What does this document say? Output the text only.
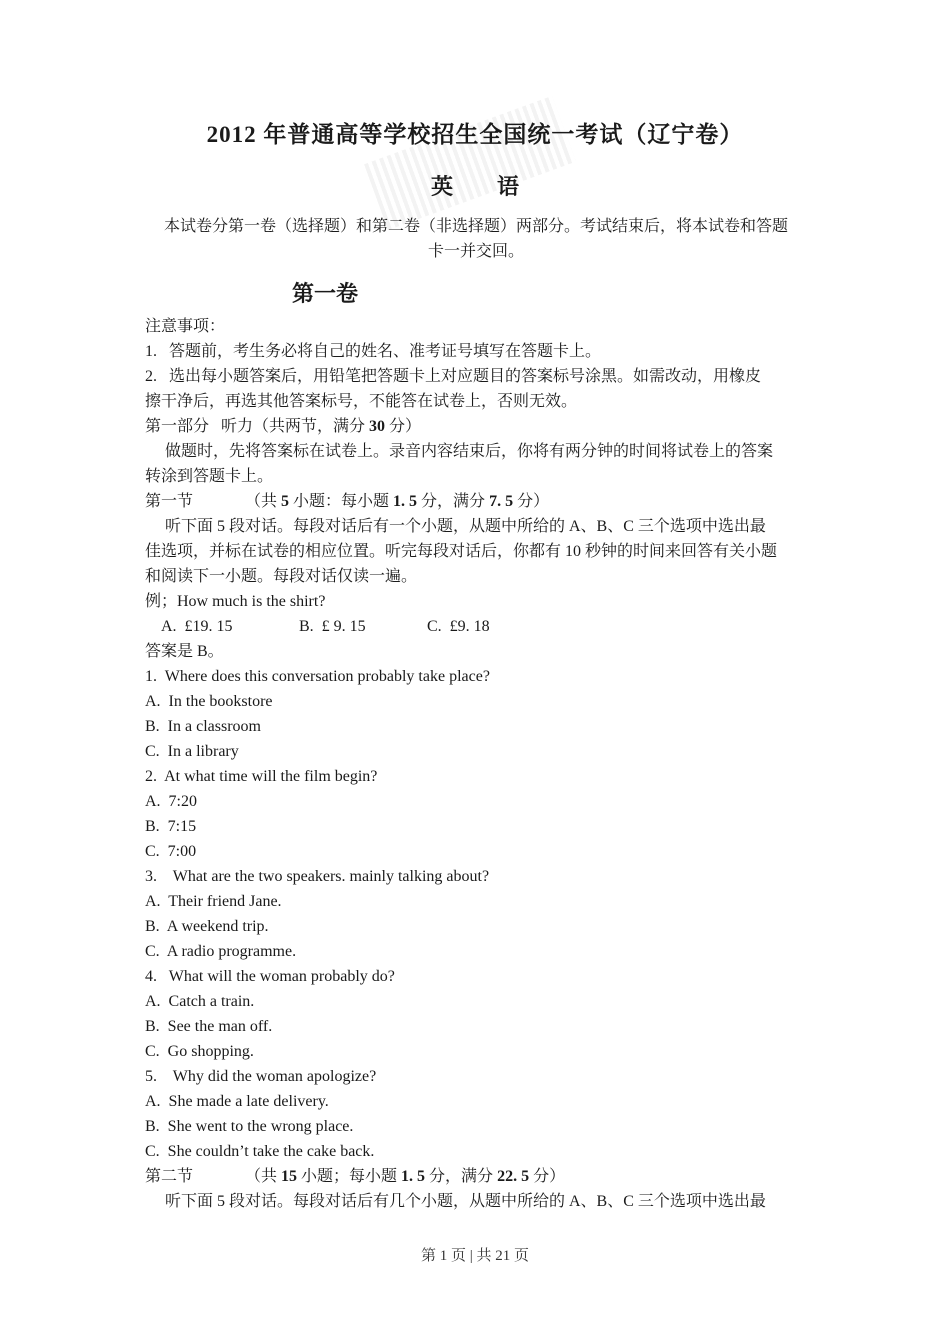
2012 年普通高等学校招生全国统一考试（辽宁卷）
英 语
本试卷分第一卷（选择题）和第二卷（非选择题）两部分。考试结束后，将本试卷和答题
卡一并交回。
第一卷
注意事项：
1.   答题前，考生务必将自己的姓名、准考证号填写在答题卡上。
2.   选出每小题答案后，用铅笔把答题卡上对应题目的答案标号涂黑。如需改动，用橡皮
擦干净后，再选其他答案标号，不能答在试卷上，否则无效。
第一部分   听力（共两节，满分 30 分）
做题时，先将答案标在试卷上。录音内容结束后，你将有两分钟的时间将试卷上的答案
转涂到答题卡上。
第一节	（共 5 小题：每小题 1. 5 分，满分 7. 5 分）
听下面 5 段对话。每段对话后有一个小题，从题中所给的 A、B、C 三个选项中选出最
佳选项，并标在试卷的相应位置。听完每段对话后，你都有 10 秒钟的时间来回答有关小题
和阅读下一小题。每段对话仅读一遍。
例；How much is the shirt?
A.  £19. 15	B.  £ 9. 15	C.  £9. 18
答案是 B。
1.  Where does this conversation probably take place?
A.  In the bookstore
B.  In a classroom
C.  In a library
2.  At what time will the film begin?
A.  7:20
B.  7:15
C.  7:00
3.    What are the two speakers. mainly talking about?
A.  Their friend Jane.
B.  A weekend trip.
C.  A radio programme.
4.   What will the woman probably do?
A.  Catch a train.
B.  See the man off.
C.  Go shopping.
5.    Why did the woman apologize?
A.  She made a late delivery.
B.  She went to the wrong place.
C.  She couldn’t take the cake back.
第二节	（共 15 小题；每小题 1. 5 分，满分 22. 5 分）
听下面 5 段对话。每段对话后有几个小题，从题中所给的 A、B、C 三个选项中选出最
第 1 页 | 共 21 页
